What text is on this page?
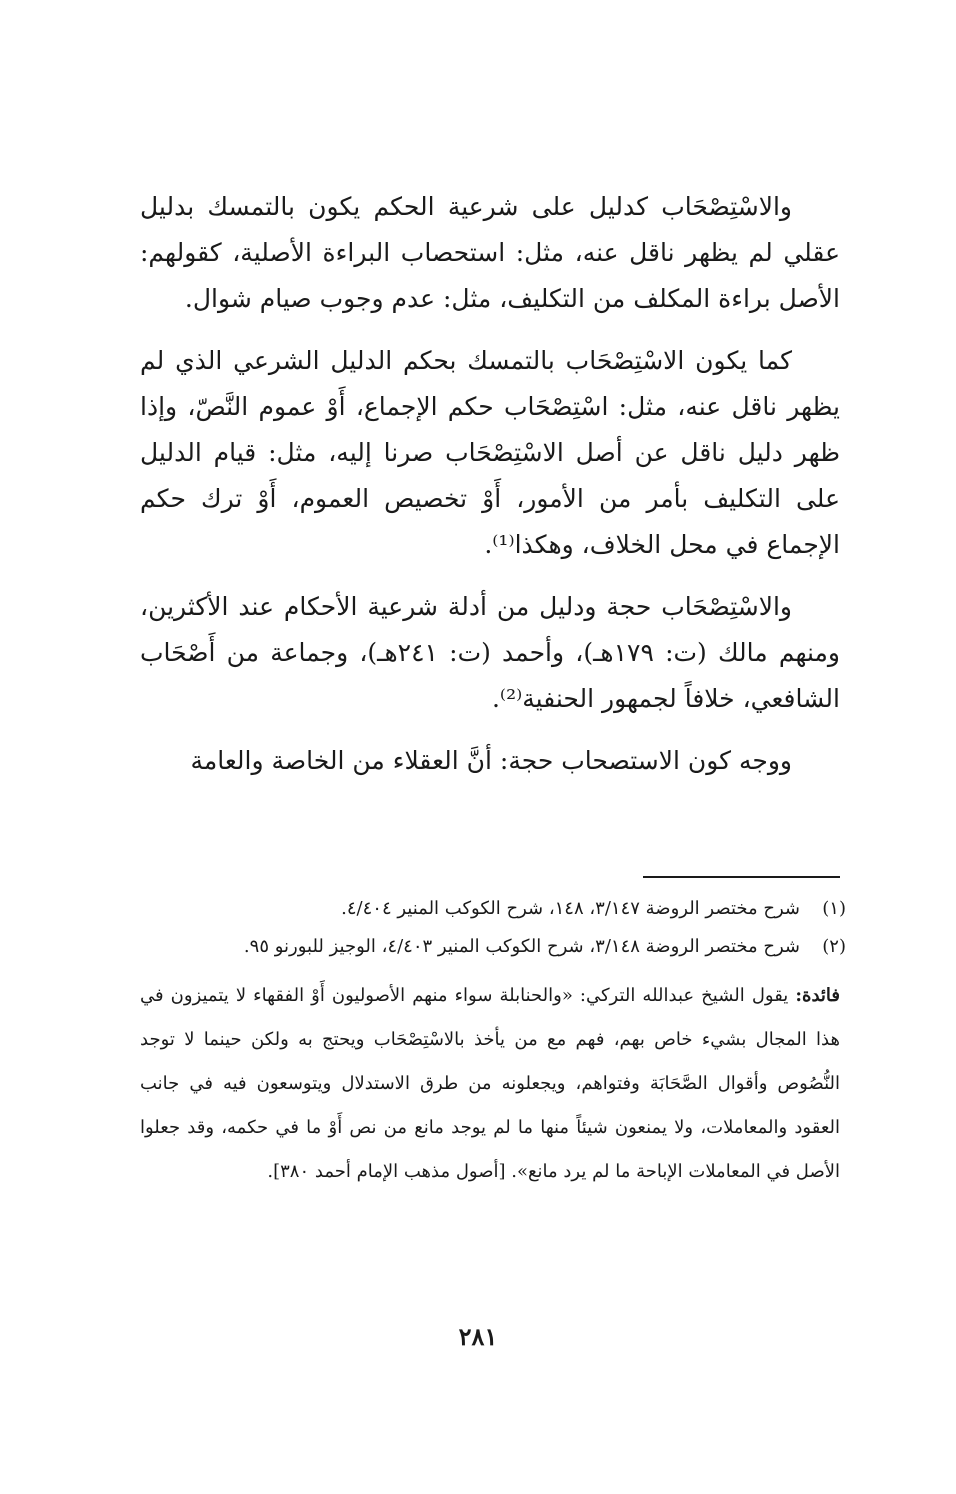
والاسْتِصْحَاب كدليل على شرعية الحكم يكون بالتمسك بدليل عقلي لم يظهر ناقل عنه، مثل: استحصاب البراءة الأصلية، كقولهم: الأصل براءة المكلف من التكليف، مثل: عدم وجوب صيام شوال.

كما يكون الاسْتِصْحَاب بالتمسك بحكم الدليل الشرعي الذي لم يظهر ناقل عنه، مثل: اسْتِصْحَاب حكم الإجماع، أَوْ عموم النَّصّ، وإذا ظهر دليل ناقل عن أصل الاسْتِصْحَاب صرنا إليه، مثل: قيام الدليل على التكليف بأمر من الأمور، أَوْ تخصيص العموم، أَوْ ترك حكم الإجماع في محل الخلاف، وهكذا⁽¹⁾.

والاسْتِصْحَاب حجة ودليل من أدلة شرعية الأحكام عند الأكثرين، ومنهم مالك (ت: ١٧٩هـ)، وأحمد (ت: ٢٤١هـ)، وجماعة من أَصْحَاب الشافعي، خلافاً لجمهور الحنفية⁽²⁾.

ووجه كون الاستصحاب حجة: أنَّ العقلاء من الخاصة والعامة

(١)
شرح مختصر الروضة ٣/١٤٧، ١٤٨، شرح الكوكب المنير ٤/٤٠٤.
(٢)
شرح مختصر الروضة ٣/١٤٨، شرح الكوكب المنير ٤/٤٠٣، الوجيز للبورنو ٩٥.
فائدة: يقول الشيخ عبدالله التركي: «والحنابلة سواء منهم الأصوليون أَوْ الفقهاء لا يتميزون في هذا المجال بشيء خاص بهم، فهم مع من يأخذ بالاسْتِصْحَاب ويحتج به ولكن حينما لا توجد النُّصُوص وأقوال الصَّحَابَة وفتواهم، ويجعلونه من طرق الاستدلال ويتوسعون فيه في جانب العقود والمعاملات، ولا يمنعون شيئاً منها ما لم يوجد مانع من نص أَوْ ما في حكمه، وقد جعلوا الأصل في المعاملات الإباحة ما لم يرد مانع». [أصول مذهب الإمام أحمد ٣٨٠].
٢٨١
